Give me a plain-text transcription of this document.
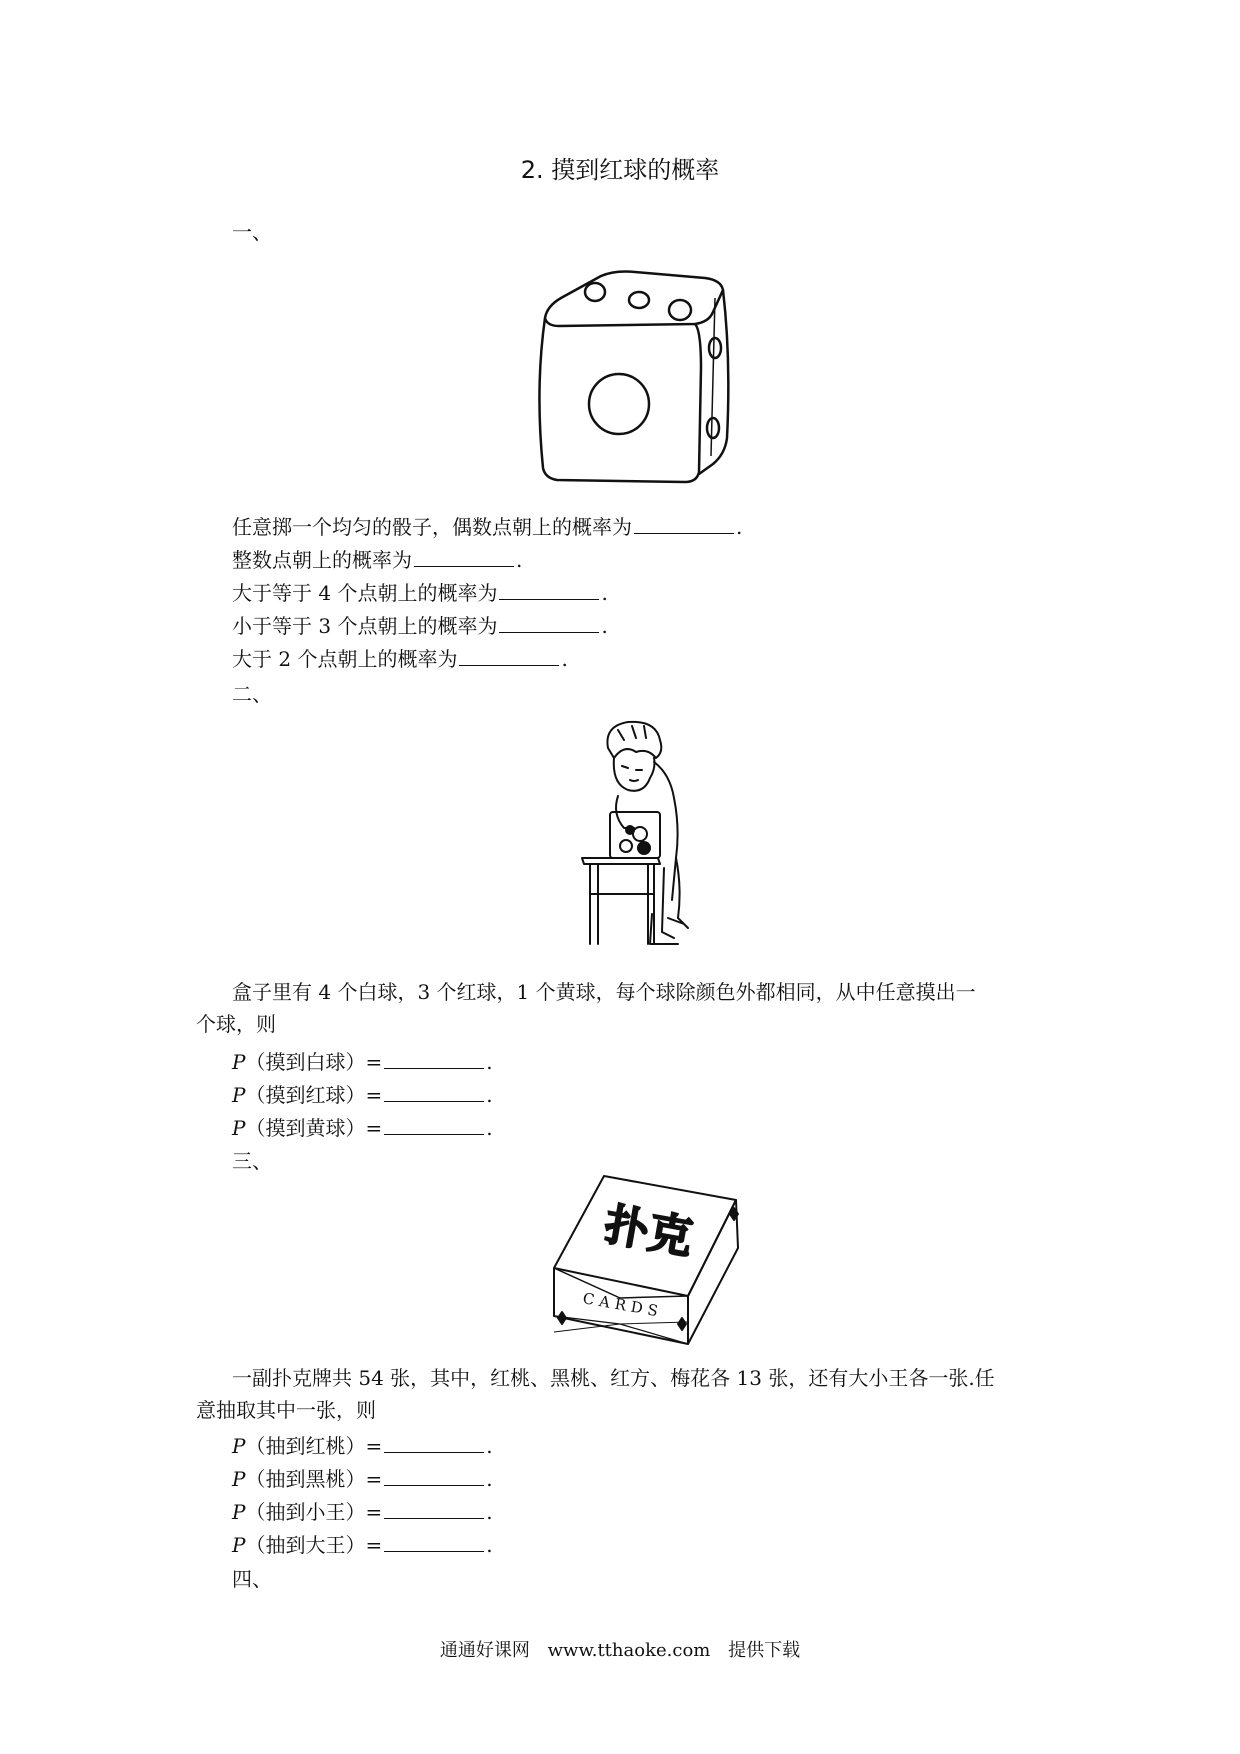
2. 摸到红球的概率
一、
任意掷一个均匀的骰子，偶数点朝上的概率为	.
整数点朝上的概率为	.
大于等于 4 个点朝上的概率为	.
小于等于 3 个点朝上的概率为	.
大于 2 个点朝上的概率为	.
二、
盒子里有 4 个白球，3 个红球，1 个黄球，每个球除颜色外都相同，从中任意摸出一
个球，则
P（摸到白球）=	.
P（摸到红球）=	.
P（摸到黄球）=	.
三、
扑克
CARDS
一副扑克牌共 54 张，其中，红桃、黑桃、红方、梅花各 13 张，还有大小王各一张.任
意抽取其中一张，则
P（抽到红桃）=	.
P（抽到黑桃）=	.
P（抽到小王）=	.
P（抽到大王）=	.
四、
通通好课网 www.tthaoke.com 提供下载
